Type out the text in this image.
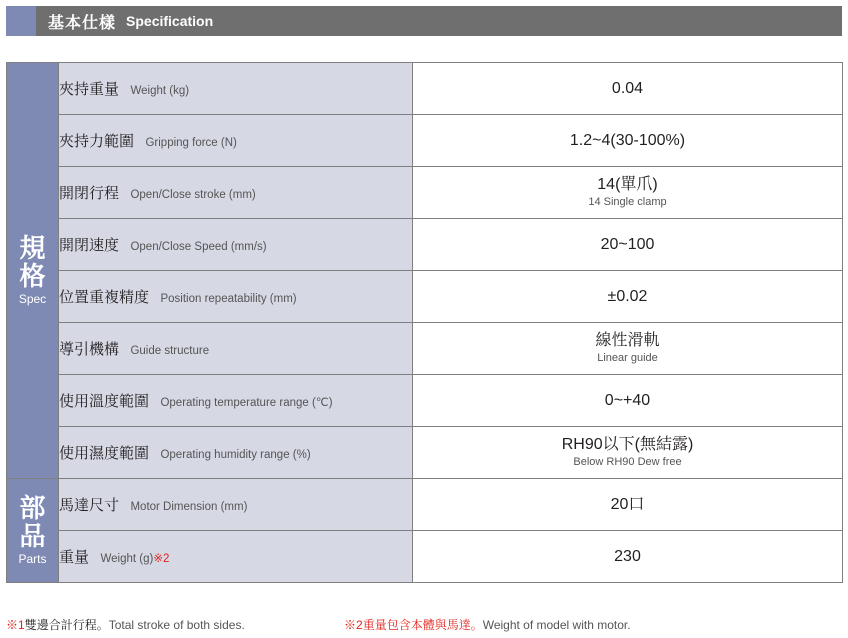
基本仕樣 Specification
規格
Spec	夾持重量 Weight (kg)	0.04

	夾持力範圍 Gripping force (N)	1.2~4(30-100%)

	開閉行程 Open/Close stroke (mm)	14(單爪)
14 Single clamp

	開閉速度 Open/Close Speed (mm/s)	20~100

	位置重複精度 Position repeatability (mm)	±0.02

	導引機構 Guide structure	線性滑軌
Linear guide

	使用溫度範圍 Operating temperature range (℃)	0~+40

	使用濕度範圍 Operating humidity range (%)	RH90以下(無結露)
Below RH90 Dew free

部品
Parts	馬達尺寸 Motor Dimension (mm)	20口

	重量 Weight (g)※2	230
※1雙邊合計行程。Total stroke of both sides.	※2重量包含本體與馬達。Weight of model with motor.
